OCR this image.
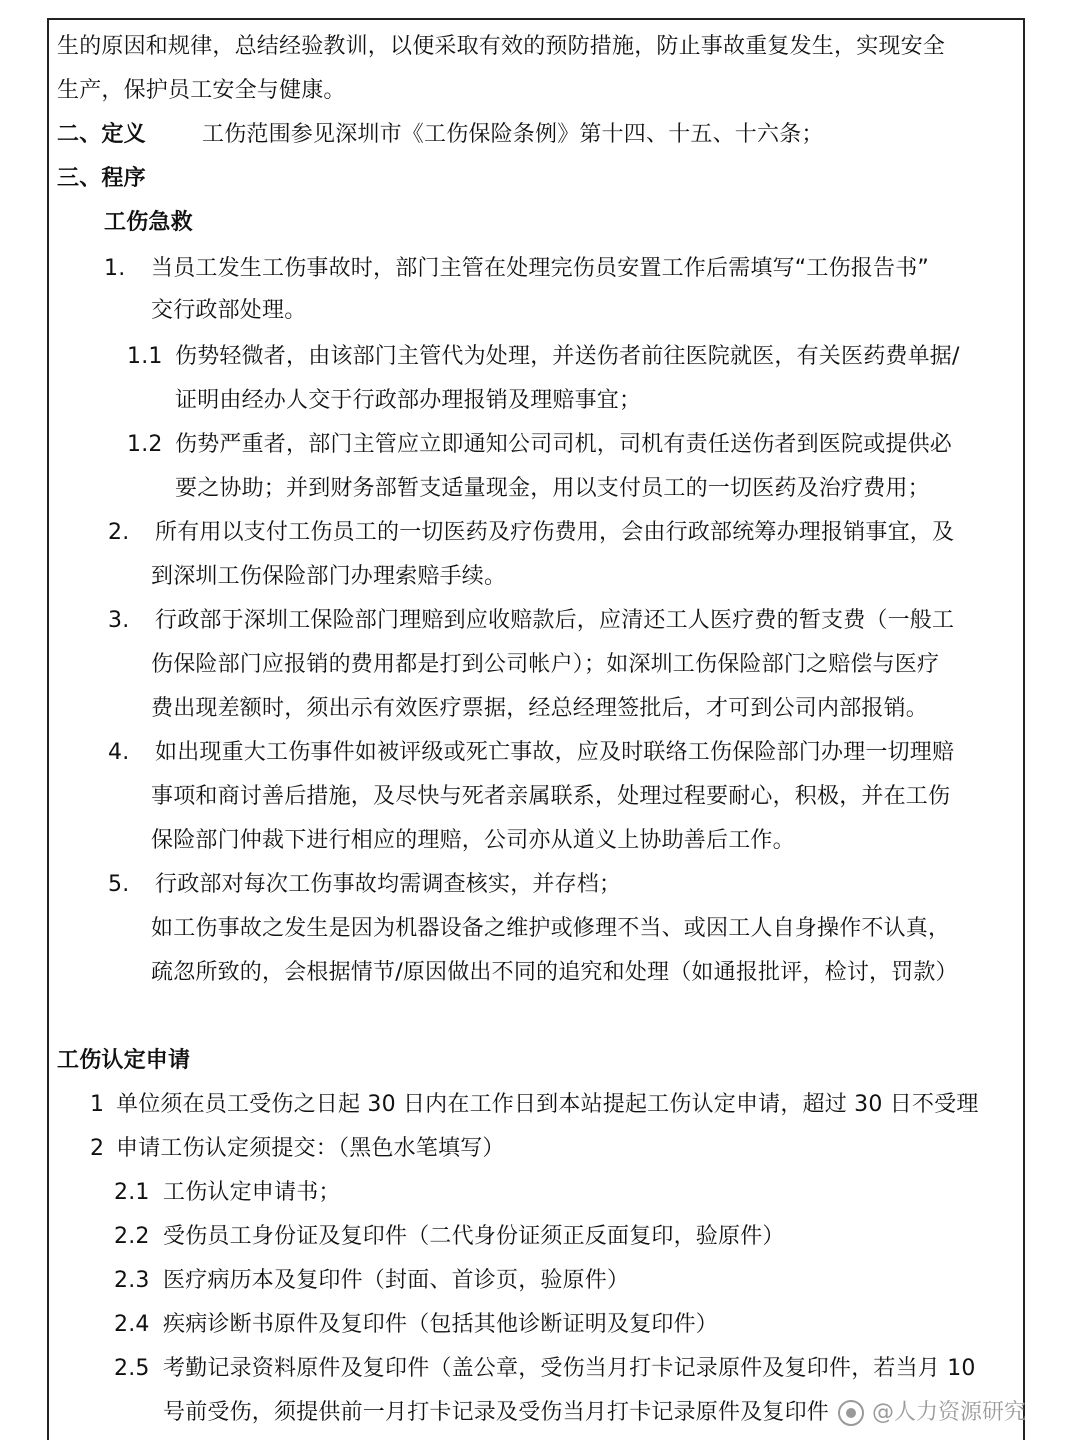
生的原因和规律，总结经验教训，以便采取有效的预防措施，防止事故重复发生，实现安全
生产，保护员工安全与健康。
二、定义	工伤范围参见深圳市《工伤保险条例》第十四、十五、十六条；
三、程序
工伤急救
1. 当员工发生工伤事故时，部门主管在处理完伤员安置工作后需填写“工伤报告书”
交行政部处理。
1.1 伤势轻微者，由该部门主管代为处理，并送伤者前往医院就医，有关医药费单据/
证明由经办人交于行政部办理报销及理赔事宜；
1.2 伤势严重者，部门主管应立即通知公司司机，司机有责任送伤者到医院或提供必
要之协助；并到财务部暂支适量现金，用以支付员工的一切医药及治疗费用；
2. 所有用以支付工伤员工的一切医药及疗伤费用，会由行政部统筹办理报销事宜，及
到深圳工伤保险部门办理索赔手续。
3. 行政部于深圳工保险部门理赔到应收赔款后，应清还工人医疗费的暂支费（一般工
伤保险部门应报销的费用都是打到公司帐户）；如深圳工伤保险部门之赔偿与医疗
费出现差额时，须出示有效医疗票据，经总经理签批后，才可到公司内部报销。
4. 如出现重大工伤事件如被评级或死亡事故，应及时联络工伤保险部门办理一切理赔
事项和商讨善后措施，及尽快与死者亲属联系，处理过程要耐心，积极，并在工伤
保险部门仲裁下进行相应的理赔，公司亦从道义上协助善后工作。
5. 行政部对每次工伤事故均需调查核实，并存档；
如工伤事故之发生是因为机器设备之维护或修理不当、或因工人自身操作不认真，
疏忽所致的，会根据情节/原因做出不同的追究和处理（如通报批评，检讨，罚款）
工伤认定申请
1 单位须在员工受伤之日起 30 日内在工作日到本站提起工伤认定申请，超过 30 日不受理
2 申请工伤认定须提交：（黑色水笔填写）
2.1 工伤认定申请书；
2.2 受伤员工身份证及复印件（二代身份证须正反面复印，验原件）
2.3 医疗病历本及复印件（封面、首诊页，验原件）
2.4 疾病诊断书原件及复印件（包括其他诊断证明及复印件）
2.5 考勤记录资料原件及复印件（盖公章，受伤当月打卡记录原件及复印件，若当月 10
号前受伤，须提供前一月打卡记录及受伤当月打卡记录原件及复印件	@人力资源研究
